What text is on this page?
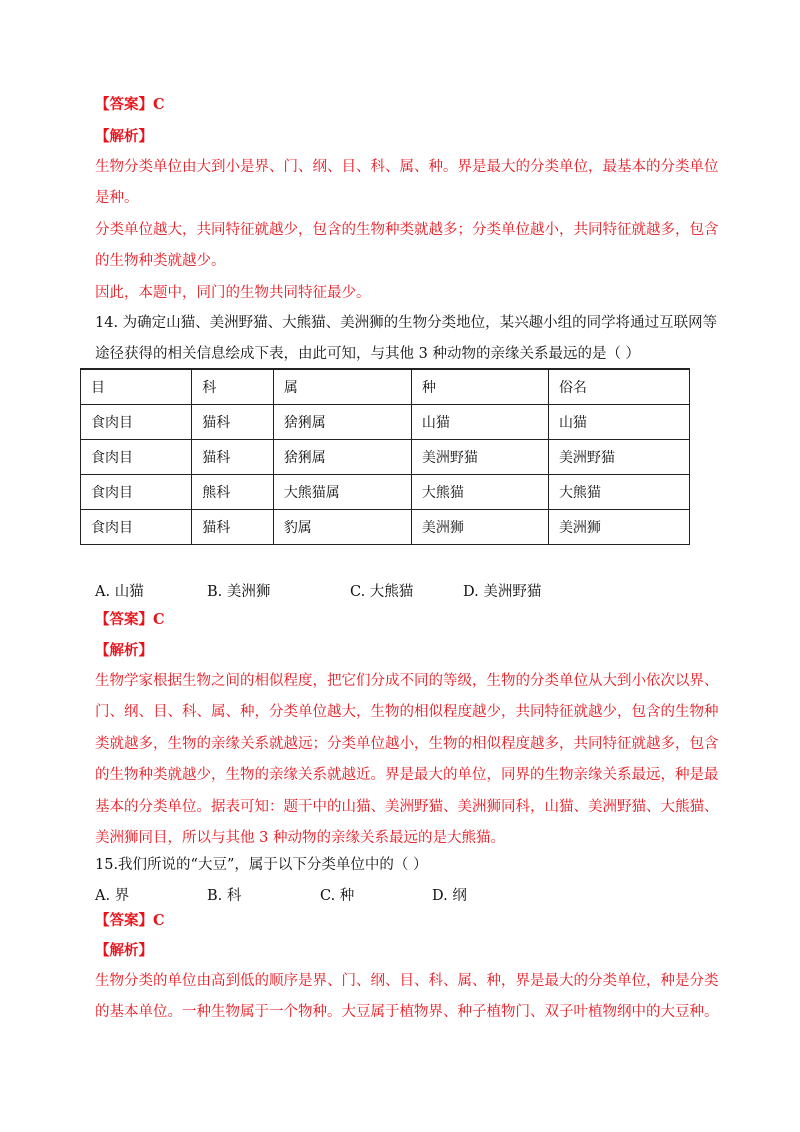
【答案】C
【解析】
生物分类单位由大到小是界、门、纲、目、科、属、种。界是最大的分类单位，最基本的分类单位
是种。
分类单位越大，共同特征就越少，包含的生物种类就越多；分类单位越小，共同特征就越多，包含
的生物种类就越少。
因此，本题中，同门的生物共同特征最少。
14. 为确定山猫、美洲野猫、大熊猫、美洲狮的生物分类地位，某兴趣小组的同学将通过互联网等
途径获得的相关信息绘成下表，由此可知，与其他 3 种动物的亲缘关系最远的是（ ）
目	科	属	种	俗名
食肉目	猫科	猞猁属	山猫	山猫
食肉目	猫科	猞猁属	美洲野猫	美洲野猫
食肉目	熊科	大熊猫属	大熊猫	大熊猫
食肉目	猫科	豹属	美洲狮	美洲狮
A. 山猫	B. 美洲狮	C. 大熊猫	D. 美洲野猫
【答案】C
【解析】
生物学家根据生物之间的相似程度，把它们分成不同的等级，生物的分类单位从大到小依次以界、
门、纲、目、科、属、种，分类单位越大，生物的相似程度越少，共同特征就越少，包含的生物种
类就越多，生物的亲缘关系就越远；分类单位越小，生物的相似程度越多，共同特征就越多，包含
的生物种类就越少，生物的亲缘关系就越近。界是最大的单位，同界的生物亲缘关系最远，种是最
基本的分类单位。据表可知：题干中的山猫、美洲野猫、美洲狮同科，山猫、美洲野猫、大熊猫、
美洲狮同目，所以与其他 3 种动物的亲缘关系最远的是大熊猫。
15.我们所说的“大豆”，属于以下分类单位中的（ ）
A. 界	B. 科	C. 种	D. 纲
【答案】C
【解析】
生物分类的单位由高到低的顺序是界、门、纲、目、科、属、种，界是最大的分类单位，种是分类
的基本单位。一种生物属于一个物种。大豆属于植物界、种子植物门、双子叶植物纲中的大豆种。
